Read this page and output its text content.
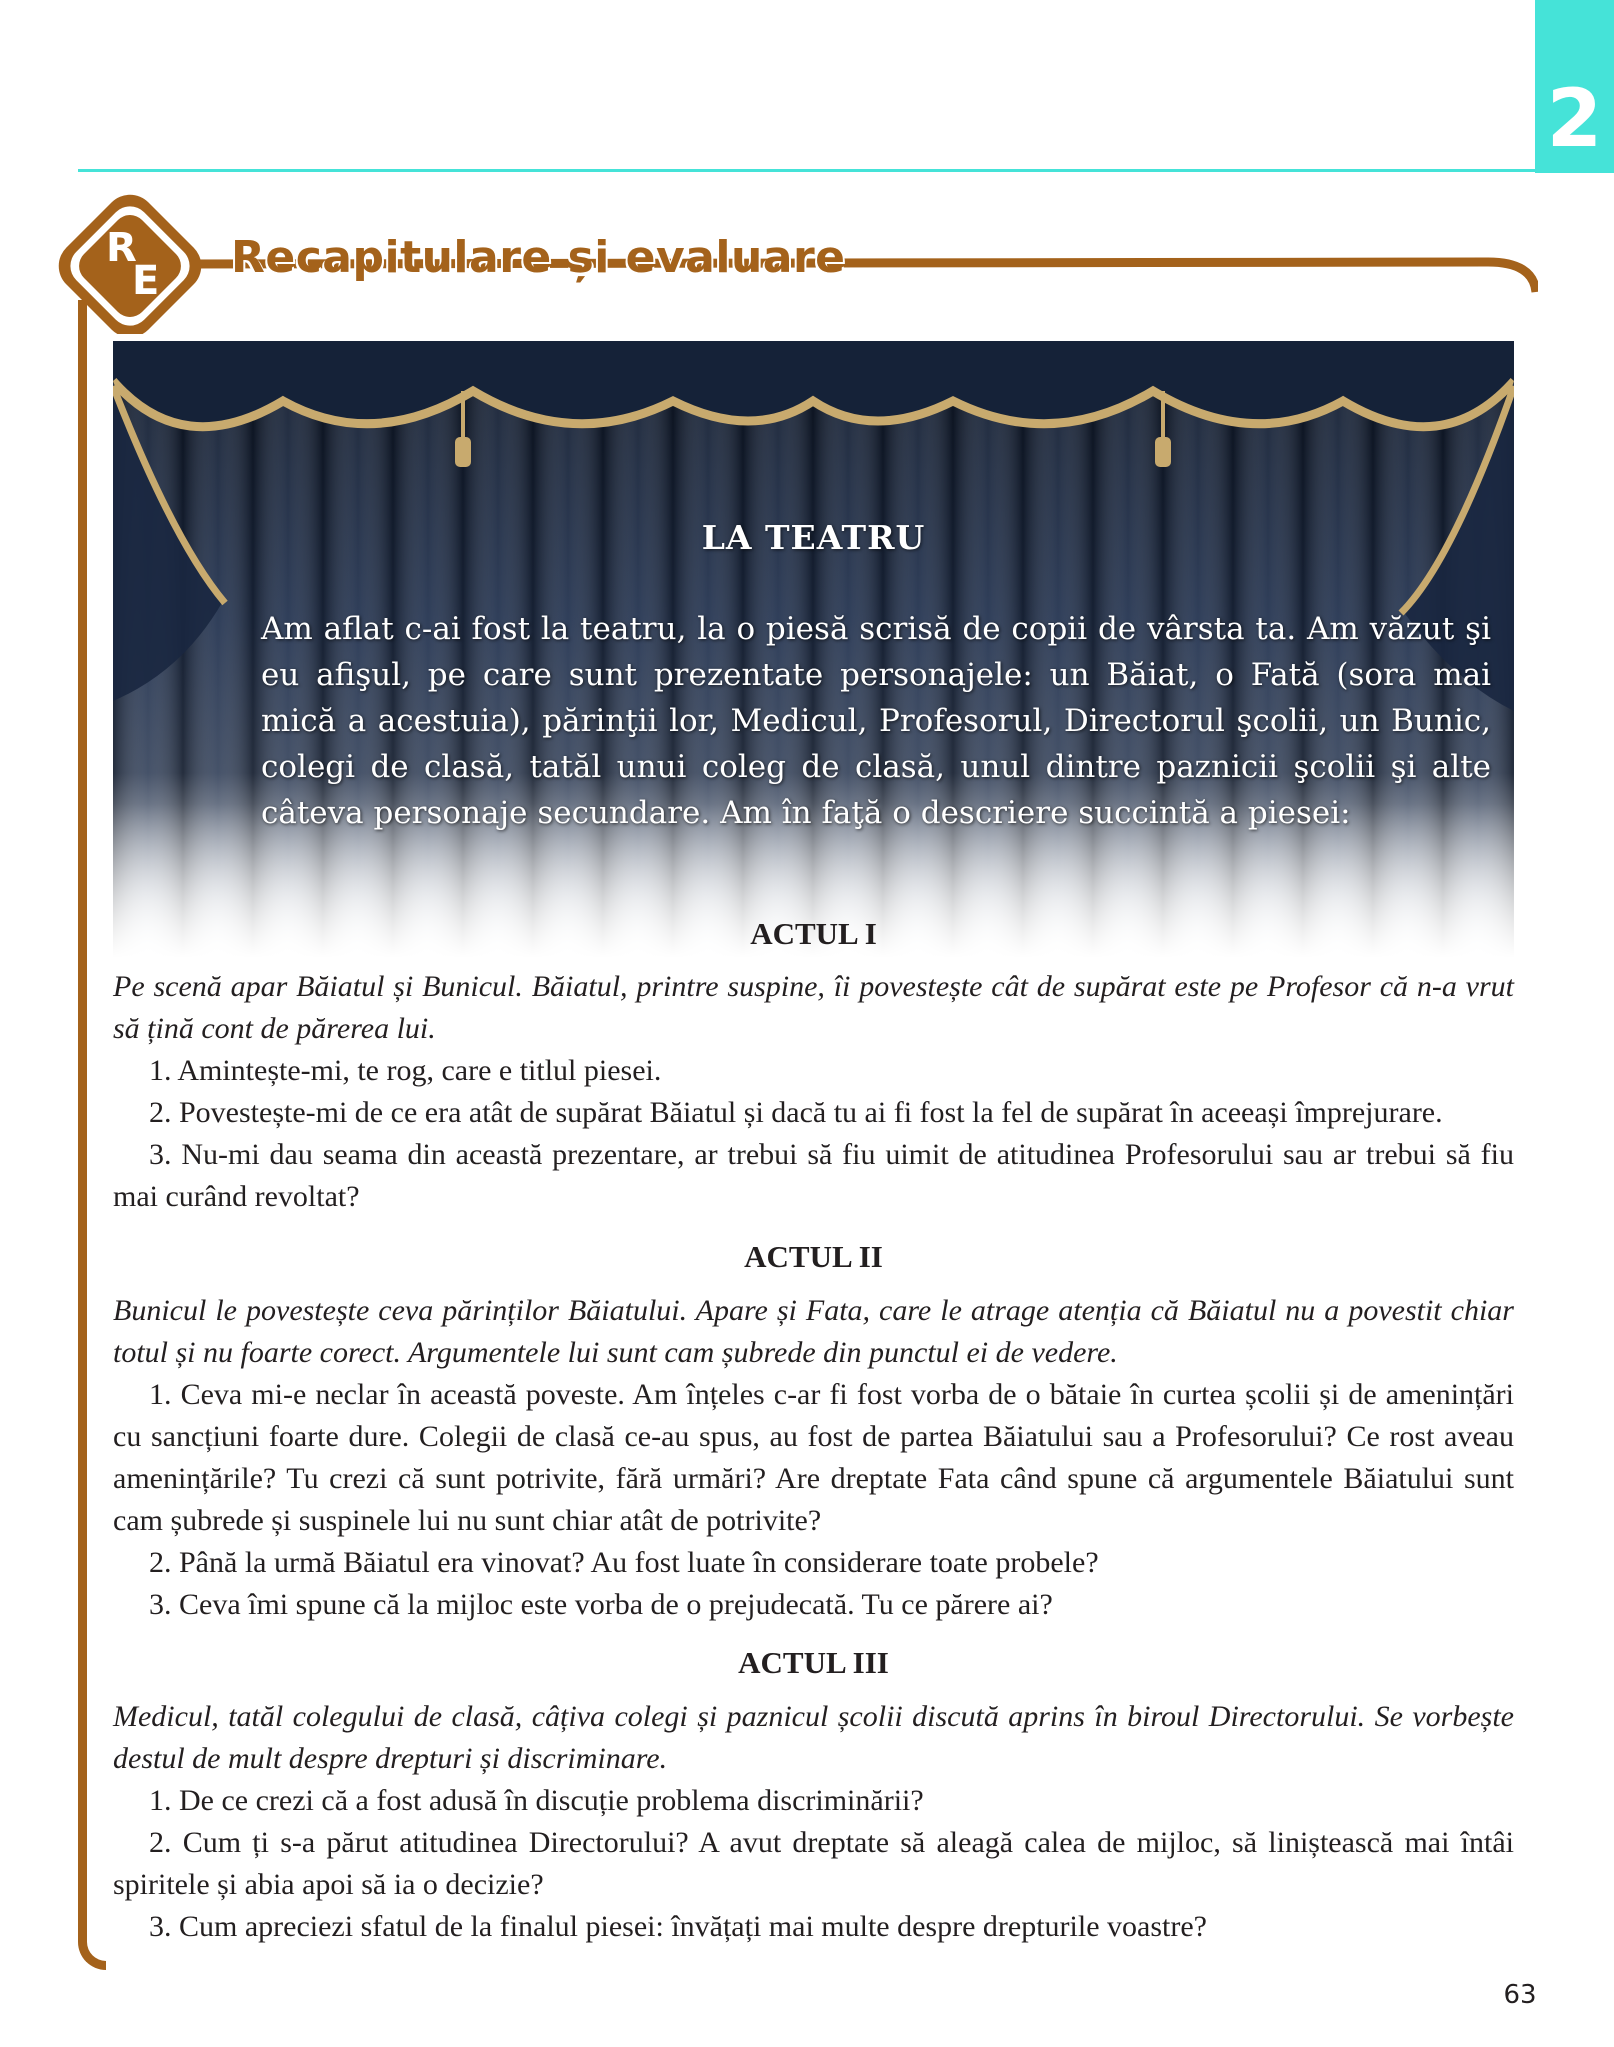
2
R
E Recapitulare și evaluare
LA TEATRU

Am aflat c-ai fost la teatru, la o piesă scrisă de copii de vârsta ta. Am văzut şi eu afişul, pe care sunt prezentate personajele: un Băiat, o Fată (sora mai mică a acestuia), părinţii lor, Medicul, Profesorul, Directorul şcolii, un Bunic, colegi de clasă, tatăl unui coleg de clasă, unul dintre paznicii şcolii şi alte câteva personaje secundare. Am în faţă o descriere succintă a piesei:

ACTUL I

Pe scenă apar Băiatul și Bunicul. Băiatul, printre suspine, îi povestește cât de supărat este pe Profesor că n-a vrut să țină cont de părerea lui.

1. Amintește-mi, te rog, care e titlul piesei.

2. Povestește-mi de ce era atât de supărat Băiatul și dacă tu ai fi fost la fel de supărat în aceeași împrejurare.

3. Nu-mi dau seama din această prezentare, ar trebui să fiu uimit de atitudinea Profesorului sau ar trebui să fiu mai curând revoltat?

ACTUL II

Bunicul le povestește ceva părinților Băiatului. Apare și Fata, care le atrage atenția că Băiatul nu a povestit chiar totul și nu foarte corect. Argumentele lui sunt cam șubrede din punctul ei de vedere.

1. Ceva mi-e neclar în această poveste. Am înțeles c-ar fi fost vorba de o bătaie în curtea școlii și de amenințări cu sancțiuni foarte dure. Colegii de clasă ce-au spus, au fost de partea Băiatului sau a Profesorului? Ce rost aveau amenințările? Tu crezi că sunt potrivite, fără urmări? Are dreptate Fata când spune că argumentele Băiatului sunt cam șubrede și suspinele lui nu sunt chiar atât de potrivite?

2. Până la urmă Băiatul era vinovat? Au fost luate în considerare toate probele?

3. Ceva îmi spune că la mijloc este vorba de o prejudecată. Tu ce părere ai?

ACTUL III

Medicul, tatăl colegului de clasă, câțiva colegi și paznicul școlii discută aprins în biroul Directorului. Se vorbește destul de mult despre drepturi și discriminare.

1. De ce crezi că a fost adusă în discuție problema discriminării?

2. Cum ți s-a părut atitudinea Directorului? A avut dreptate să aleagă calea de mijloc, să liniștească mai întâi spiritele și abia apoi să ia o decizie?

3. Cum apreciezi sfatul de la finalul piesei: învățați mai multe despre drepturile voastre?

63
